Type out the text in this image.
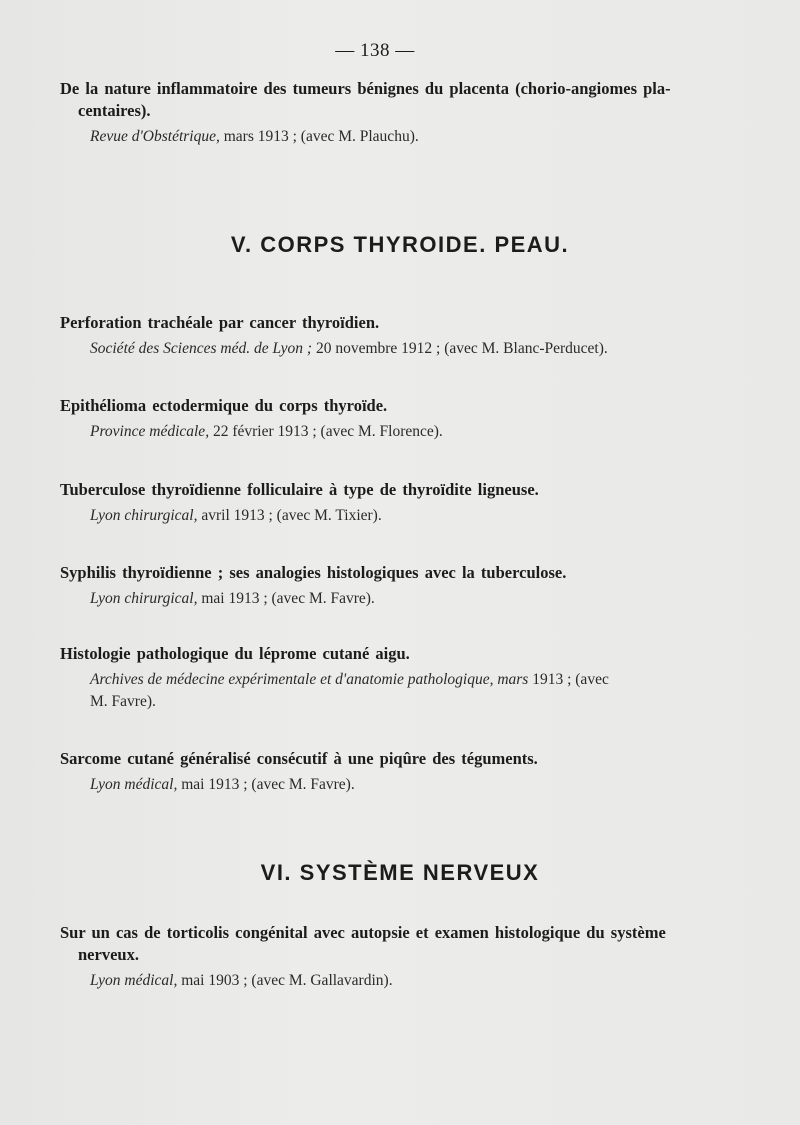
— 138 —
De la nature inflammatoire des tumeurs bénignes du placenta (chorio-angiomes pla-
centaires).
Revue d'Obstétrique, mars 1913 ; (avec M. Plauchu).
V. CORPS THYROIDE. PEAU.
Perforation trachéale par cancer thyroïdien.
Société des Sciences méd. de Lyon ; 20 novembre 1912 ; (avec M. Blanc-Perducet).
Epithélioma ectodermique du corps thyroïde.
Province médicale, 22 février 1913 ; (avec M. Florence).
Tuberculose thyroïdienne folliculaire à type de thyroïdite ligneuse.
Lyon chirurgical, avril 1913 ; (avec M. Tixier).
Syphilis thyroïdienne ; ses analogies histologiques avec la tuberculose.
Lyon chirurgical, mai 1913 ; (avec M. Favre).
Histologie pathologique du lépromе cutané aigu.
Archives de médecine expérimentale et d'anatomie pathologique, mars 1913 ; (avec
M. Favre).
Sarcome cutané généralisé consécutif à une piqûre des téguments.
Lyon médical, mai 1913 ; (avec M. Favre).
VI. SYSTÈME NERVEUX
Sur un cas de torticolis congénital avec autopsie et examen histologique du système
nerveux.
Lyon médical, mai 1903 ; (avec M. Gallavardin).
